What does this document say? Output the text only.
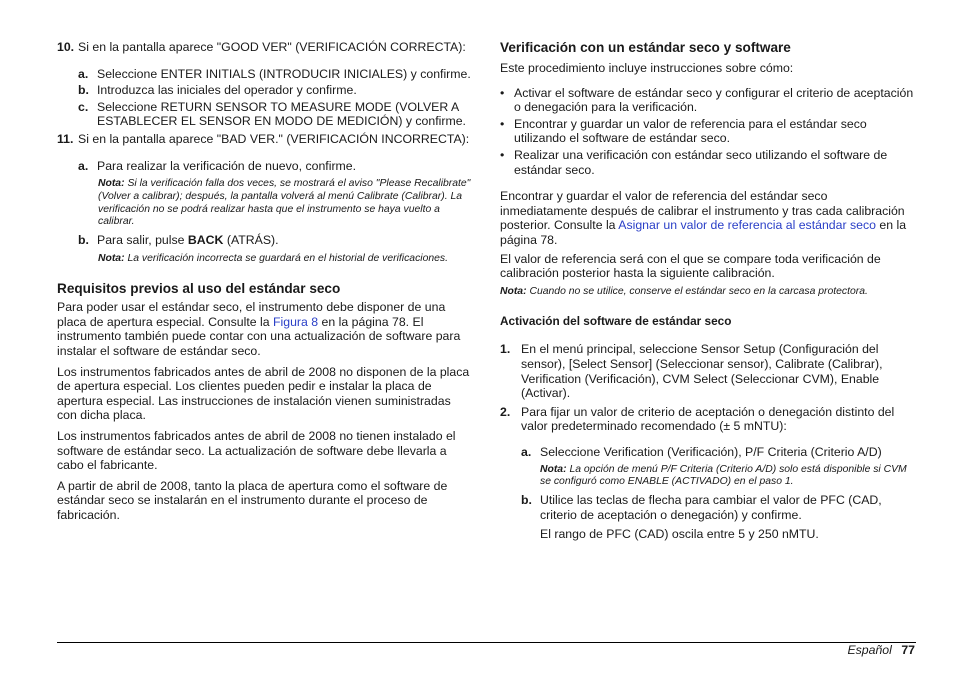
10. Si en la pantalla aparece "GOOD VER" (VERIFICACIÓN CORRECTA):
a. Seleccione ENTER INITIALS (INTRODUCIR INICIALES) y confirme.
b. Introduzca las iniciales del operador y confirme.
c. Seleccione RETURN SENSOR TO MEASURE MODE (VOLVER A ESTABLECER EL SENSOR EN MODO DE MEDICIÓN) y confirme.
11. Si en la pantalla aparece "BAD VER." (VERIFICACIÓN INCORRECTA):
a. Para realizar la verificación de nuevo, confirme.
Nota: Si la verificación falla dos veces, se mostrará el aviso "Please Recalibrate" (Volver a calibrar); después, la pantalla volverá al menú Calibrate (Calibrar). La verificación no se podrá realizar hasta que el instrumento se haya vuelto a calibrar.
b. Para salir, pulse BACK (ATRÁS).
Nota: La verificación incorrecta se guardará en el historial de verificaciones.
Requisitos previos al uso del estándar seco

Para poder usar el estándar seco, el instrumento debe disponer de una placa de apertura especial. Consulte la Figura 8 en la página 78. El instrumento también puede contar con una actualización de software para instalar el software de estándar seco.

Los instrumentos fabricados antes de abril de 2008 no disponen de la placa de apertura especial. Los clientes pueden pedir e instalar la placa de apertura especial. Las instrucciones de instalación vienen suministradas con dicha placa.

Los instrumentos fabricados antes de abril de 2008 no tienen instalado el software de estándar seco. La actualización de software debe llevarla a cabo el fabricante.

A partir de abril de 2008, tanto la placa de apertura como el software de estándar seco se instalarán en el instrumento durante el proceso de fabricación.

Verificación con un estándar seco y software

Este procedimiento incluye instrucciones sobre cómo:

• Activar el software de estándar seco y configurar el criterio de aceptación o denegación para la verificación.
• Encontrar y guardar un valor de referencia para el estándar seco utilizando el software de estándar seco.
• Realizar una verificación con estándar seco utilizando el software de estándar seco.

Encontrar y guardar el valor de referencia del estándar seco inmediatamente después de calibrar el instrumento y tras cada calibración posterior. Consulte la Asignar un valor de referencia al estándar seco en la página 78.

El valor de referencia será con el que se compare toda verificación de calibración posterior hasta la siguiente calibración.

Nota: Cuando no se utilice, conserve el estándar seco en la carcasa protectora.
Activación del software de estándar seco
1. En el menú principal, seleccione Sensor Setup (Configuración del sensor), [Select Sensor] (Seleccionar sensor), Calibrate (Calibrar), Verification (Verificación), CVM Select (Seleccionar CVM), Enable (Activar).
2. Para fijar un valor de criterio de aceptación o denegación distinto del valor predeterminado recomendado (± 5 mNTU):
a. Seleccione Verification (Verificación), P/F Criteria (Criterio A/D)
Nota: La opción de menú P/F Criteria (Criterio A/D) solo está disponible si CVM se configuró como ENABLE (ACTIVADO) en el paso 1.
b. Utilice las teclas de flecha para cambiar el valor de PFC (CAD, criterio de aceptación o denegación) y confirme.

El rango de PFC (CAD) oscila entre 5 y 250 nMTU.

Español 77
